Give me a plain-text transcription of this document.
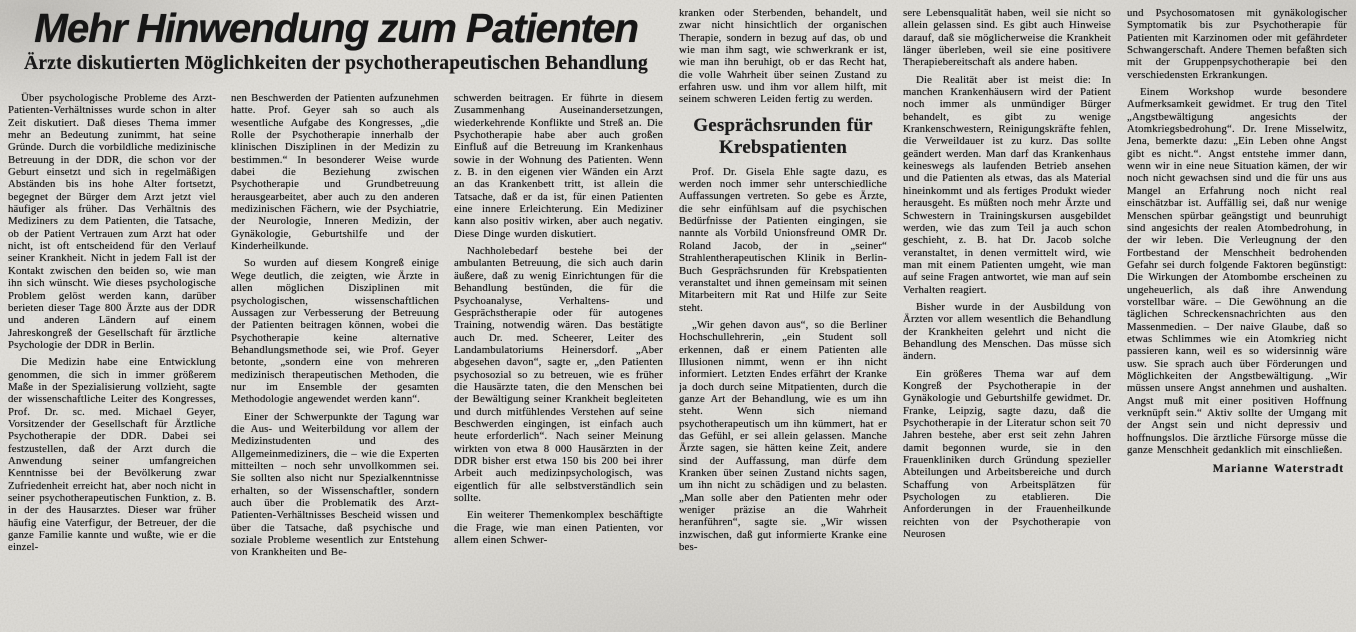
Mehr Hinwendung zum Patienten
Ärzte diskutierten Möglichkeiten der psychotherapeutischen Behandlung
Über psychologische Probleme des Arzt-Patienten-Verhältnisses wurde schon in alter Zeit diskutiert. Daß dieses Thema immer mehr an Bedeutung zunimmt, hat seine Gründe. Durch die vorbildliche medizinische Betreuung in der DDR, die schon vor der Geburt einsetzt und sich in regelmäßigen Abständen bis ins hohe Alter fortsetzt, begegnet der Bürger dem Arzt jetzt viel häufiger als früher. Das Verhältnis des Mediziners zu dem Patienten, die Tatsache, ob der Patient Vertrauen zum Arzt hat oder nicht, ist oft entscheidend für den Verlauf seiner Krankheit. Nicht in jedem Fall ist der Kontakt zwischen den beiden so, wie man ihn sich wünscht. Wie dieses psychologische Problem gelöst werden kann, darüber berieten dieser Tage 800 Ärzte aus der DDR und anderen Ländern auf einem Jahreskongreß der Gesellschaft für ärztliche Psychologie der DDR in Berlin.
Die Medizin habe eine Entwicklung genommen, die sich in immer größerem Maße in der Spezialisierung vollzieht, sagte der wissenschaftliche Leiter des Kongresses, Prof. Dr. sc. med. Michael Geyer, Vorsitzender der Gesellschaft für Ärztliche Psychotherapie der DDR. Dabei sei festzustellen, daß der Arzt durch die Anwendung seiner umfangreichen Kenntnisse bei der Bevölkerung zwar Zufriedenheit erreicht hat, aber noch nicht in seiner psychotherapeutischen Funktion, z. B. in der des Hausarztes. Dieser war früher häufig eine Vaterfigur, der Betreuer, der die ganze Familie kannte und wußte, wie er die einzel-
nen Beschwerden der Patienten aufzunehmen hatte. Prof. Geyer sah so auch als wesentliche Aufgabe des Kongresses, „die Rolle der Psychotherapie innerhalb der klinischen Disziplinen in der Medizin zu bestimmen.“ In besonderer Weise wurde dabei die Beziehung zwischen Psychotherapie und Grundbetreuung herausgearbeitet, aber auch zu den anderen medizinischen Fächern, wie der Psychiatrie, der Neurologie, Inneren Medizin, der Gynäkologie, Geburtshilfe und der Kinderheilkunde.
So wurden auf diesem Kongreß einige Wege deutlich, die zeigten, wie Ärzte in allen möglichen Disziplinen mit psychologischen, wissenschaftlichen Aussagen zur Verbesserung der Betreuung der Patienten beitragen können, wobei die Psychotherapie keine alternative Behandlungsmethode sei, wie Prof. Geyer betonte, „sondern eine von mehreren medizinisch therapeutischen Methoden, die nur im Ensemble der gesamten Methodologie angewendet werden kann“.
Einer der Schwerpunkte der Tagung war die Aus- und Weiterbildung vor allem der Medizinstudenten und des Allgemeinmediziners, die – wie die Experten mitteilten – noch sehr unvollkommen sei. Sie sollten also nicht nur Spezialkenntnisse erhalten, so der Wissenschaftler, sondern auch über die Problematik des Arzt-Patienten-Verhältnisses Bescheid wissen und über die Tatsache, daß psychische und soziale Probleme wesentlich zur Entstehung von Krankheiten und Be-
schwerden beitragen. Er führte in diesem Zusammenhang Auseinandersetzungen, wiederkehrende Konflikte und Streß an. Die Psychotherapie habe aber auch großen Einfluß auf die Betreuung im Krankenhaus sowie in der Wohnung des Patienten. Wenn z. B. in den eigenen vier Wänden ein Arzt an das Krankenbett tritt, ist allein die Tatsache, daß er da ist, für einen Patienten eine innere Erleichterung. Ein Mediziner kann also positiv wirken, aber auch negativ. Diese Dinge wurden diskutiert.
Nachholebedarf bestehe bei der ambulanten Betreuung, die sich auch darin äußere, daß zu wenig Einrichtungen für die Behandlung bestünden, die für die Psychoanalyse, Verhaltens- und Gesprächstherapie oder für autogenes Training, notwendig wären. Das bestätigte auch Dr. med. Scheerer, Leiter des Landambulatoriums Heinersdorf. „Aber abgesehen davon“, sagte er, „den Patienten psychosozial so zu betreuen, wie es früher die Hausärzte taten, die den Menschen bei der Bewältigung seiner Krankheit begleiteten und durch mitfühlendes Verstehen auf seine Beschwerden eingingen, ist einfach auch heute erforderlich“. Nach seiner Meinung wirkten von etwa 8 000 Hausärzten in der DDR bisher erst etwa 150 bis 200 bei ihrer Arbeit auch medizinpsychologisch, was eigentlich für alle selbstverständlich sein sollte.
Ein weiterer Themenkomplex beschäftigte die Frage, wie man einen Patienten, vor allem einen Schwer-
kranken oder Sterbenden, behandelt, und zwar nicht hinsichtlich der organischen Therapie, sondern in bezug auf das, ob und wie man ihm sagt, wie schwerkrank er ist, wie man ihn beruhigt, ob er das Recht hat, die volle Wahrheit über seinen Zustand zu erfahren usw. und ihm vor allem hilft, mit seinem schweren Leiden fertig zu werden.
Gesprächsrunden für Krebspatienten
Prof. Dr. Gisela Ehle sagte dazu, es werden noch immer sehr unterschiedliche Auffassungen vertreten. So gebe es Ärzte, die sehr einfühlsam auf die psychischen Bedürfnisse der Patienten eingingen, sie nannte als Vorbild Unionsfreund OMR Dr. Roland Jacob, der in „seiner“ Strahlentherapeutischen Klinik in Berlin-Buch Gesprächsrunden für Krebspatienten veranstaltet und ihnen gemeinsam mit seinen Mitarbeitern mit Rat und Hilfe zur Seite steht.
„Wir gehen davon aus“, so die Berliner Hochschullehrerin, „ein Student soll erkennen, daß er einem Patienten alle Illusionen nimmt, wenn er ihn nicht informiert. Letzten Endes erfährt der Kranke ja doch durch seine Mitpatienten, durch die ganze Art der Behandlung, wie es um ihn steht. Wenn sich niemand psychotherapeutisch um ihn kümmert, hat er das Gefühl, er sei allein gelassen. Manche Ärzte sagen, sie hätten keine Zeit, andere sind der Auffassung, man dürfe dem Kranken über seinen Zustand nichts sagen, um ihn nicht zu schädigen und zu belasten. „Man solle aber den Patienten mehr oder weniger präzise an die Wahrheit heranführen“, sagte sie. „Wir wissen inzwischen, daß gut informierte Kranke eine bes-
sere Lebensqualität haben, weil sie nicht so allein gelassen sind. Es gibt auch Hinweise darauf, daß sie möglicherweise die Krankheit länger überleben, weil sie eine positivere Therapiebereitschaft als andere haben.
Die Realität aber ist meist die: In manchen Krankenhäusern wird der Patient noch immer als unmündiger Bürger behandelt, es gibt zu wenige Krankenschwestern, Reinigungskräfte fehlen, die Verweildauer ist zu kurz. Das sollte geändert werden. Man darf das Krankenhaus keineswegs als laufenden Betrieb ansehen und die Patienten als etwas, das als Material hineinkommt und als fertiges Produkt wieder herausgeht. Es müßten noch mehr Ärzte und Schwestern in Trainingskursen ausgebildet werden, wie das zum Teil ja auch schon geschieht, z. B. hat Dr. Jacob solche veranstaltet, in denen vermittelt wird, wie man mit einem Patienten umgeht, wie man auf seine Fragen antwortet, wie man auf sein Verhalten reagiert.
Bisher wurde in der Ausbildung von Ärzten vor allem wesentlich die Behandlung der Krankheiten gelehrt und nicht die Behandlung des Menschen. Das müsse sich ändern.
Ein größeres Thema war auf dem Kongreß der Psychotherapie in der Gynäkologie und Geburtshilfe gewidmet. Dr. Franke, Leipzig, sagte dazu, daß die Psychotherapie in der Literatur schon seit 70 Jahren bestehe, aber erst seit zehn Jahren damit begonnen wurde, sie in den Frauenkliniken durch Gründung spezieller Abteilungen und Arbeitsbereiche und durch Schaffung von Arbeitsplätzen für Psychologen zu etablieren. Die Anforderungen in der Frauenheilkunde reichten von der Psychotherapie von Neurosen
und Psychosomatosen mit gynäkologischer Symptomatik bis zur Psychotherapie für Patienten mit Karzinomen oder mit gefährdeter Schwangerschaft. Andere Themen befaßten sich mit der Gruppenpsychotherapie bei den verschiedensten Erkrankungen.
Einem Workshop wurde besondere Aufmerksamkeit gewidmet. Er trug den Titel „Angstbewältigung angesichts der Atomkriegsbedrohung“. Dr. Irene Misselwitz, Jena, bemerkte dazu: „Ein Leben ohne Angst gibt es nicht.“. Angst entstehe immer dann, wenn wir in eine neue Situation kämen, der wir noch nicht gewachsen sind und die für uns aus Mangel an Erfahrung noch nicht real einschätzbar ist. Auffällig sei, daß nur wenige Menschen spürbar geängstigt und beunruhigt sind angesichts der realen Atombedrohung, in der wir leben. Die Verleugnung der den Fortbestand der Menschheit bedrohenden Gefahr sei durch folgende Faktoren begünstigt: Die Wirkungen der Atombombe erscheinen zu ungeheuerlich, als daß ihre Anwendung vorstellbar wäre. – Die Gewöhnung an die täglichen Schreckensnachrichten aus den Massenmedien. – Der naive Glaube, daß so etwas Schlimmes wie ein Atomkrieg nicht passieren kann, weil es so widersinnig wäre usw. Sie sprach auch über Förderungen und Möglichkeiten der Angstbewältigung. „Wir müssen unsere Angst annehmen und aushalten. Angst muß mit einer positiven Hoffnung verknüpft sein.“ Aktiv sollte der Umgang mit der Angst sein und nicht depressiv und hoffnungslos. Die ärztliche Fürsorge müsse die ganze Menschheit gedanklich mit einschließen.
Marianne Waterstradt
